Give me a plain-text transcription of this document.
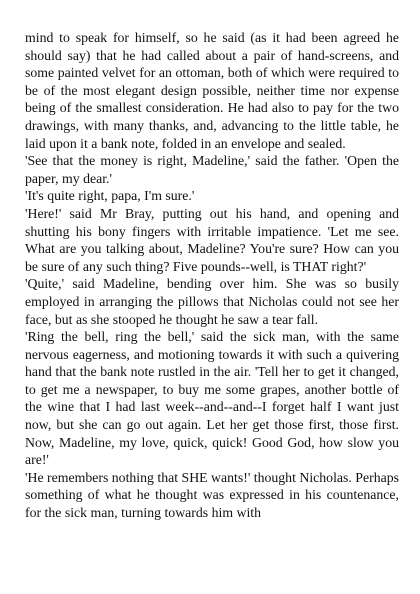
mind to speak for himself, so he said (as it had been agreed he should say) that he had called about a pair of hand-screens, and some painted velvet for an ottoman, both of which were required to be of the most elegant design possible, neither time nor expense being of the smallest consideration. He had also to pay for the two drawings, with many thanks, and, advancing to the little table, he laid upon it a bank note, folded in an envelope and sealed.

'See that the money is right, Madeline,' said the father. 'Open the paper, my dear.'

'It's quite right, papa, I'm sure.'

'Here!' said Mr Bray, putting out his hand, and opening and shutting his bony fingers with irritable impatience. 'Let me see. What are you talking about, Madeline? You're sure? How can you be sure of any such thing? Five pounds--well, is THAT right?'

'Quite,' said Madeline, bending over him. She was so busily employed in arranging the pillows that Nicholas could not see her face, but as she stooped he thought he saw a tear fall.

'Ring the bell, ring the bell,' said the sick man, with the same nervous eagerness, and motioning towards it with such a quivering hand that the bank note rustled in the air. 'Tell her to get it changed, to get me a newspaper, to buy me some grapes, another bottle of the wine that I had last week--and--and--I forget half I want just now, but she can go out again. Let her get those first, those first. Now, Madeline, my love, quick, quick! Good God, how slow you are!'

'He remembers nothing that SHE wants!' thought Nicholas. Perhaps something of what he thought was expressed in his countenance, for the sick man, turning towards him with
